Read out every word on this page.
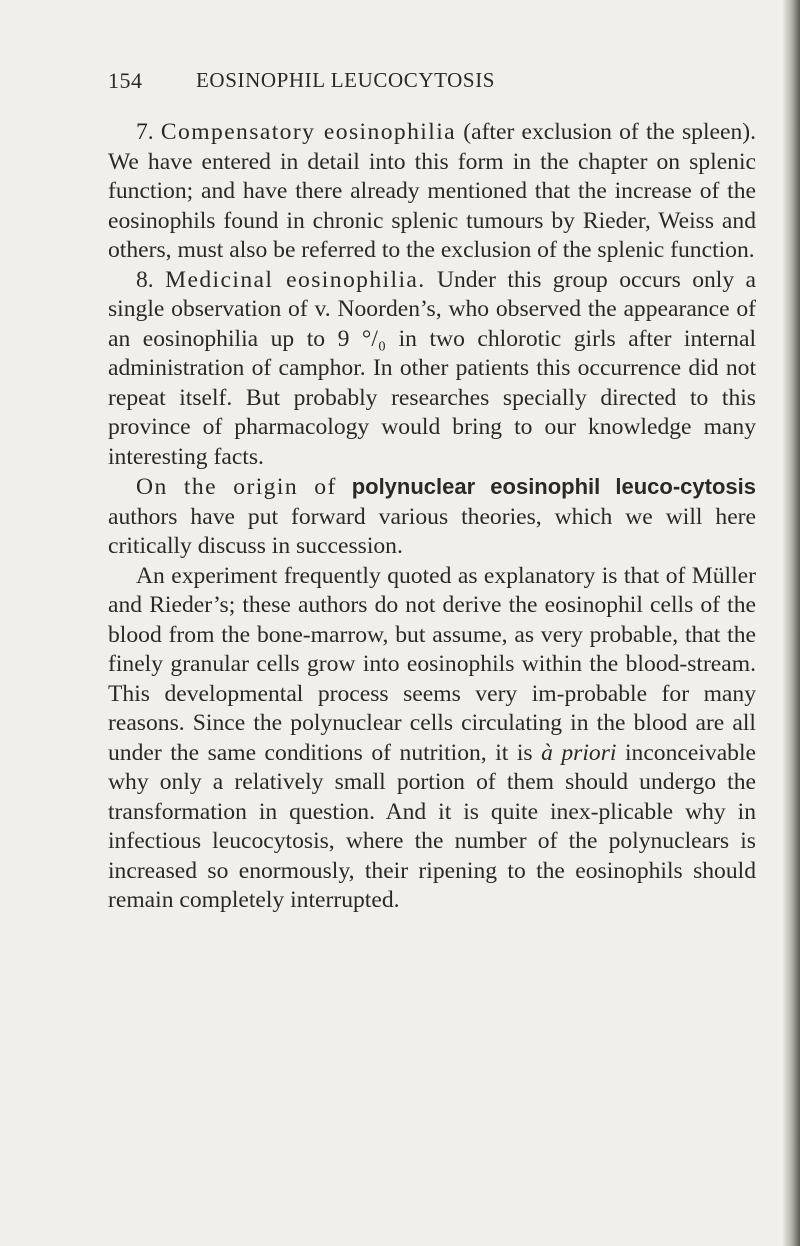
154	EOSINOPHIL LEUCOCYTOSIS

7. Compensatory eosinophilia (after exclusion of the spleen). We have entered in detail into this form in the chapter on splenic function; and have there already mentioned that the increase of the eosinophils found in chronic splenic tumours by Rieder, Weiss and others, must also be referred to the exclusion of the splenic function.

8. Medicinal eosinophilia. Under this group occurs only a single observation of v. Noorden’s, who observed the appearance of an eosinophilia up to 9 °/₀ in two chlorotic girls after internal administration of camphor. In other patients this occurrence did not repeat itself. But probably researches specially directed to this province of pharmacology would bring to our knowledge many interesting facts.

On the origin of polynuclear eosinophil leuco-cytosis authors have put forward various theories, which we will here critically discuss in succession.

An experiment frequently quoted as explanatory is that of Müller and Rieder’s; these authors do not derive the eosinophil cells of the blood from the bone-marrow, but assume, as very probable, that the finely granular cells grow into eosinophils within the blood-stream. This developmental process seems very im-probable for many reasons. Since the polynuclear cells circulating in the blood are all under the same conditions of nutrition, it is à priori inconceivable why only a relatively small portion of them should undergo the transformation in question. And it is quite inex-plicable why in infectious leucocytosis, where the number of the polynuclears is increased so enormously, their ripening to the eosinophils should remain completely interrupted.
